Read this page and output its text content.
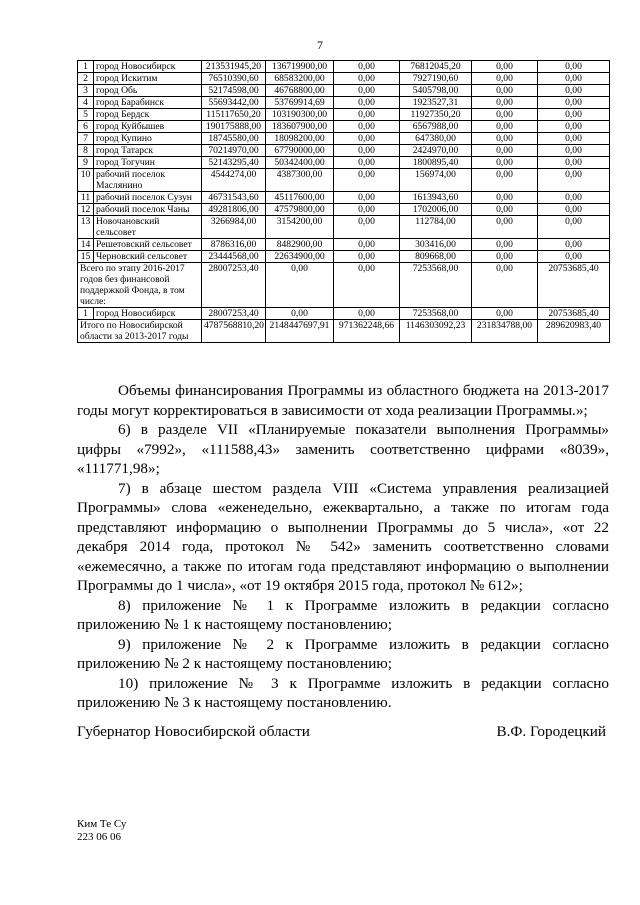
7
1	город Новосибирск	213531945,20	136719900,00	0,00	76812045,20	0,00	0,00
2	город Искитим	76510390,60	68583200,00	0,00	7927190,60	0,00	0,00
3	город Обь	52174598,00	46768800,00	0,00	5405798,00	0,00	0,00
4	город Барабинск	55693442,00	53769914,69	0,00	1923527,31	0,00	0,00
5	город Бердск	115117650,20	103190300,00	0,00	11927350,20	0,00	0,00
6	город Куйбышев	190175888,00	183607900,00	0,00	6567988,00	0,00	0,00
7	город Купино	18745580,00	18098200,00	0,00	647380,00	0,00	0,00
8	город Татарск	70214970,00	67790000,00	0,00	2424970,00	0,00	0,00
9	город Тогучин	52143295,40	50342400,00	0,00	1800895,40	0,00	0,00
10	рабочий поселок Маслянино	4544274,00	4387300,00	0,00	156974,00	0,00	0,00
11	рабочий поселок Сузун	46731543,60	45117600,00	0,00	1613943,60	0,00	0,00
12	рабочий поселок Чаны	49281806,00	47579800,00	0,00	1702006,00	0,00	0,00
13	Новочановский сельсовет	3266984,00	3154200,00	0,00	112784,00	0,00	0,00
14	Решетовский сельсовет	8786316,00	8482900,00	0,00	303416,00	0,00	0,00
15	Черновский сельсовет	23444568,00	22634900,00	0,00	809668,00	0,00	0,00
Всего по этапу 2016-2017 годов без финансовой поддержкой Фонда, в том числе:		28007253,40	0,00	0,00	7253568,00	0,00	20753685,40
1	город Новосибирск	28007253,40	0,00	0,00	7253568,00	0,00	20753685,40
Итого по Новосибирской области за 2013-2017 годы		4787568810,20	2148447697,91	971362248,66	1146303092,23	231834788,00	289620983,40

Объемы финансирования Программы из областного бюджета на 2013-2017 годы могут корректироваться в зависимости от хода реализации Программы.»;

6) в разделе VII «Планируемые показатели выполнения Программы» цифры «7992», «111588,43» заменить соответственно цифрами «8039», «111771,98»;

7) в абзаце шестом раздела VIII «Система управления реализацией Программы» слова «еженедельно, ежеквартально, а также по итогам года представляют информацию о выполнении Программы до 5 числа», «от 22 декабря 2014 года, протокол № 542» заменить соответственно словами «ежемесячно, а также по итогам года представляют информацию о выполнении Программы до 1 числа», «от 19 октября 2015 года, протокол № 612»;

8) приложение № 1 к Программе изложить в редакции согласно приложению № 1 к настоящему постановлению;

9) приложение № 2 к Программе изложить в редакции согласно приложению № 2 к настоящему постановлению;

10) приложение № 3 к Программе изложить в редакции согласно приложению № 3 к настоящему постановлению.

Губернатор Новосибирской области	В.Ф. Городецкий
Ким Те Су
223 06 06
